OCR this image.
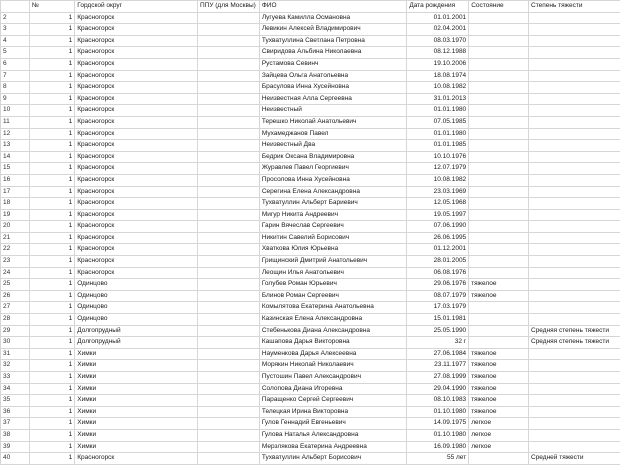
	№	Гордской округ	ППУ (для Москвы)	ФИО	Дата рождения	Состояние	Степень тяжести
2	1	Красногорск		Лугуева Камилла Османовна	01.01.2001		
3	1	Красногорск		Левикин Алексей Владимирович	02.04.2001		
4	1	Красногорск		Тухватуллина Светлана Петровна	08.03.1970		
5	1	Красногорск		Свиридова Альбина Николаевна	08.12.1988		
6	1	Красногорск		Рустамова Севинч	19.10.2006		
7	1	Красногорск		Зайцева Ольга Анатольевна	18.08.1974		
8	1	Красногорск		Брасулова Инна Хусейновна	10.08.1982		
9	1	Красногорск		Неизвестная Алла Сергеевна	31.01.2013		
10	1	Красногорск		Неизвестный	01.01.1980		
11	1	Красногорск		Терешко Николай Анатольевич	07.05.1985		
12	1	Красногорск		Мухамеджанов Павел	01.01.1980		
13	1	Красногорск		Неизвестный Два	01.01.1985		
14	1	Красногорск		Бедрик Оксана Владимировна	10.10.1976		
15	1	Красногорск		Журавлев Павел Георгиевич	12.07.1979		
16	1	Красногорск		Просолова Инна Хусейновна	10.08.1982		
17	1	Красногорск		Серегина Елена Александровна	23.03.1969		
18	1	Красногорск		Тухватуллин Альберт Бариевич	12.05.1968		
19	1	Красногорск		Мигур Никита Андреевич	19.05.1997		
20	1	Красногорск		Гарин Вячеслав Сергеевич	07.06.1990		
21	1	Красногорск		Никитин Савелий Борисович	26.06.1995		
22	1	Красногорск		Хваткова Юлия Юрьевна	01.12.2001		
23	1	Красногорск		Грищинский Дмитрий Анатольевич	28.01.2005		
24	1	Красногорск		Леощин Илья Анатольевич	06.08.1976		
25	1	Одинцово		Голубев Роман Юрьевич	29.06.1976	тяжелое	
26	1	Одинцово		Блинов Роман Сергеевич	08.07.1979	тяжелое	
27	1	Одинцово		Комылятова Екатерина Анатольевна	17.03.1979		
28	1	Одинцово		Казинская Елена Александровна	15.01.1981		
29	1	Долгопрудный		Стебенькова Диана Александровна	25.05.1990		Средняя степень тяжести
30	1	Долгопрудный		Кашапова Дарья Викторовна	32 г		Средняя степень тяжести
31	1	Химки		Науменкова Дарья Алексеевна	27.06.1984	тяжелое	
32	1	Химки		Морякин Николай Николаевич	23.11.1977	тяжелое	
33	1	Химки		Пустошин Павел Александрович	27.08.1999	тяжелое	
34	1	Химки		Солопова Диана Игоревна	29.04.1990	тяжелое	
35	1	Химки		Паращенко Сергей Сергеевич	08.10.1983	тяжелое	
36	1	Химки		Телецкая Ирина Викторовна	01.10.1980	тяжелое	
37	1	Химки		Гулов Геннадий Евгеньевич	14.09.1975	легкое	
38	1	Химки		Гулова Наталья Александровна	01.10.1980	легкое	
39	1	Химки		Мерзлякова Екатерина Андреевна	16.09.1980	легкое	
40	1	Красногорск		Тухватуллин Альберт Борисович	55 лет		Средней тяжести
